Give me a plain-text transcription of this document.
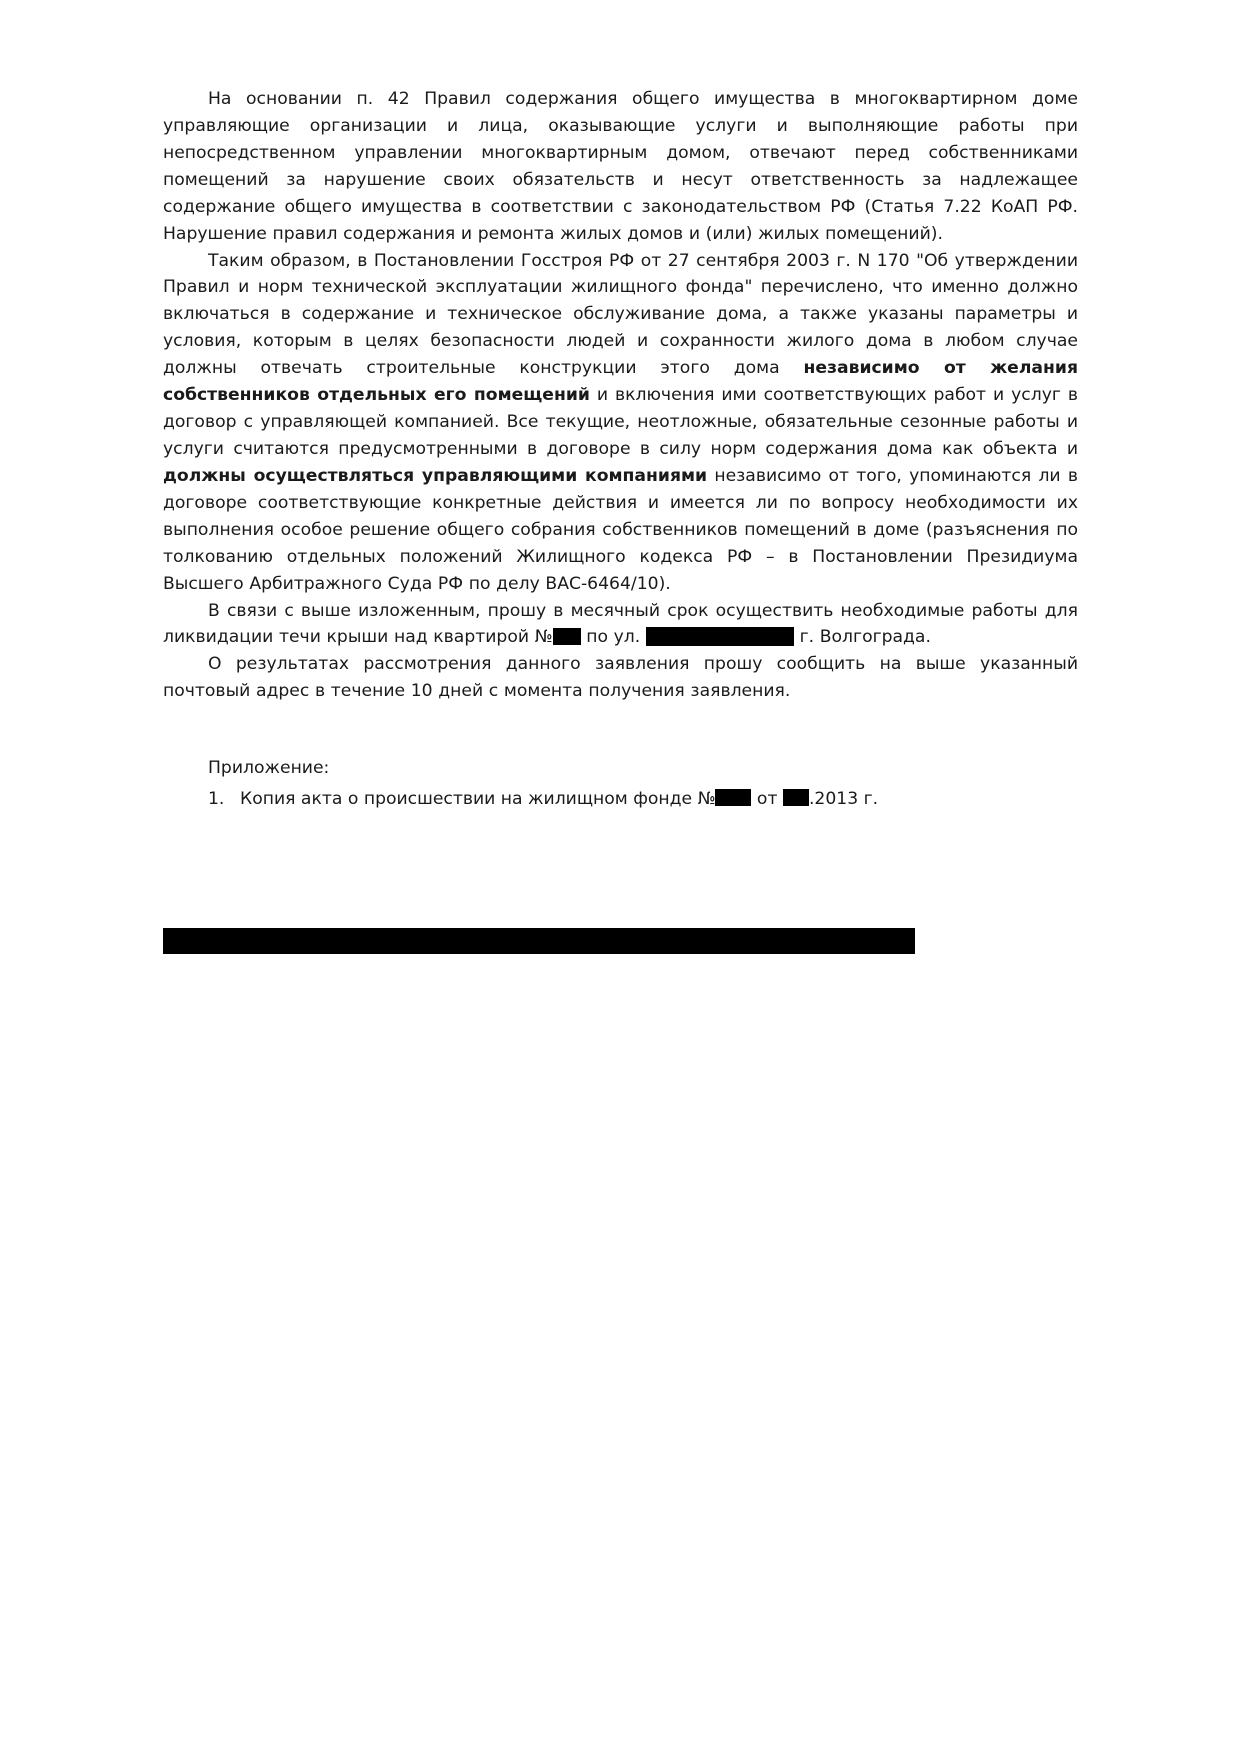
На основании п. 42 Правил содержания общего имущества в многоквартирном доме управляющие организации и лица, оказывающие услуги и выполняющие работы при непосредственном управлении многоквартирным домом, отвечают перед собственниками помещений за нарушение своих обязательств и несут ответственность за надлежащее содержание общего имущества в соответствии с законодательством РФ (Статья 7.22 КоАП РФ. Нарушение правил содержания и ремонта жилых домов и (или) жилых помещений).

Таким образом, в Постановлении Госстроя РФ от 27 сентября 2003 г. N 170 "Об утверждении Правил и норм технической эксплуатации жилищного фонда" перечислено, что именно должно включаться в содержание и техническое обслуживание дома, а также указаны параметры и условия, которым в целях безопасности людей и сохранности жилого дома в любом случае должны отвечать строительные конструкции этого дома независимо от желания собственников отдельных его помещений и включения ими соответствующих работ и услуг в договор с управляющей компанией. Все текущие, неотложные, обязательные сезонные работы и услуги считаются предусмотренными в договоре в силу норм содержания дома как объекта и должны осуществляться управляющими компаниями независимо от того, упоминаются ли в договоре соответствующие конкретные действия и имеется ли по вопросу необходимости их выполнения особое решение общего собрания собственников помещений в доме (разъяснения по толкованию отдельных положений Жилищного кодекса РФ – в Постановлении Президиума Высшего Арбитражного Суда РФ по делу ВАС-6464/10).

В связи с выше изложенным, прошу в месячный срок осуществить необходимые работы для ликвидации течи крыши над квартирой № по ул.	г. Волгограда.

О результатах рассмотрения данного заявления прошу сообщить на выше указанный почтовый адрес в течение 10 дней с момента получения заявления.

Приложение:

1. Копия акта о происшествии на жилищном фонде № от .2013 г.
